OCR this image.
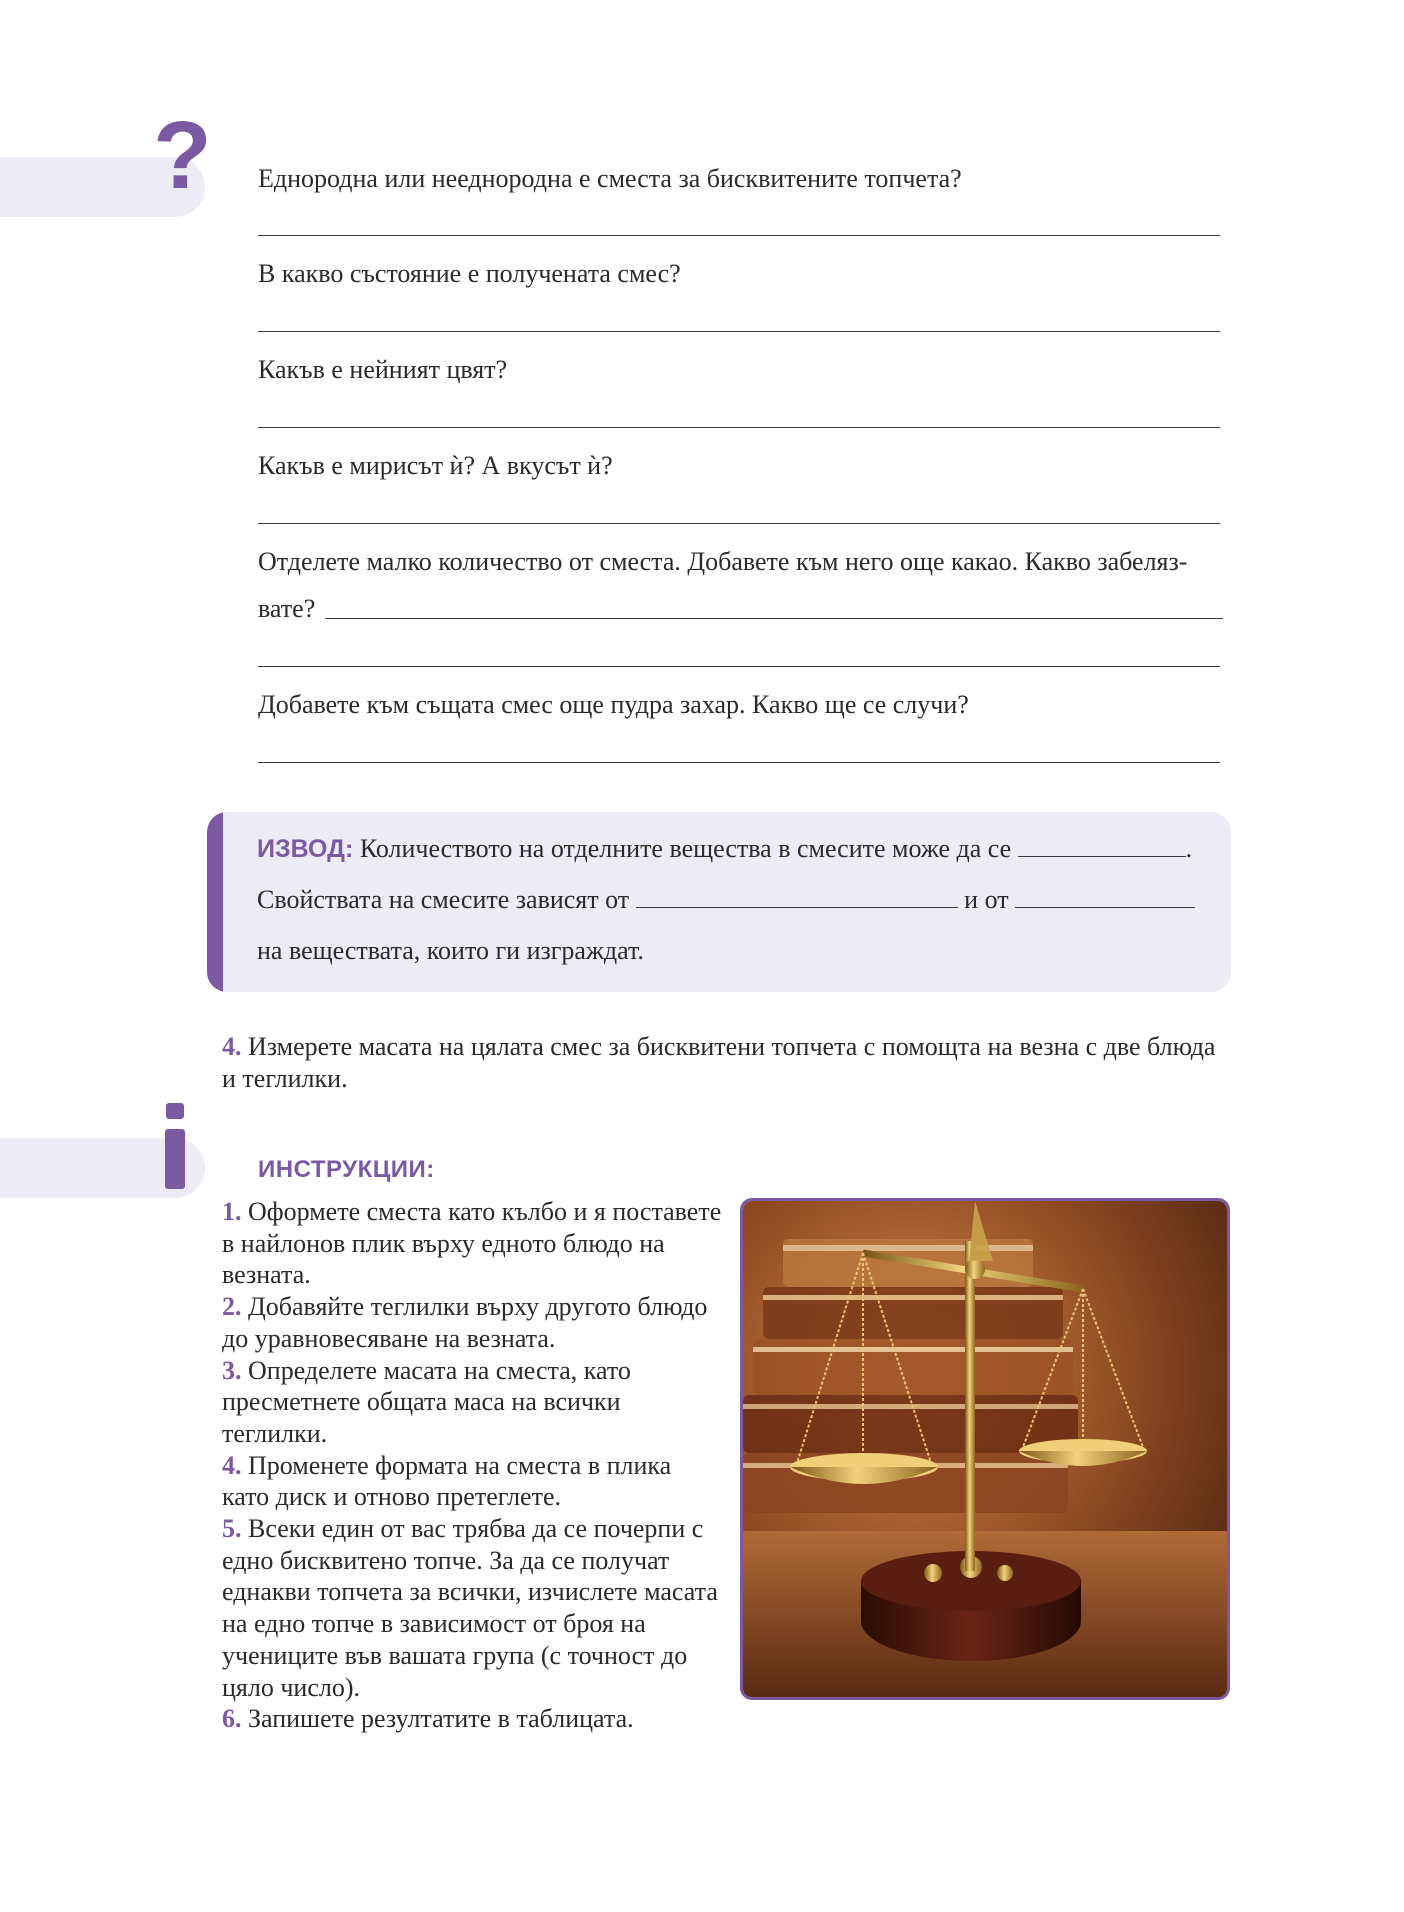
? Еднородна или нееднородна е сместа за бисквитените топчета?
В какво състояние е получената смес?
Какъв е нейният цвят?
Какъв е мирисът ѝ? А вкусът ѝ?
Отделете малко количество от сместа. Добавете към него още какао. Какво забеляз-
вате?
Добавете към същата смес още пудра захар. Какво ще се случи?
ИЗВОД: Количеството на отделните вещества в смесите може да се	.
Свойствата на смесите зависят от	и от
на веществата, които ги изграждат.
4. Измерете масата на цялата смес за бисквитени топчета с помощта на везна с две блюда и теглилки.
ИНСТРУКЦИИ:

1. Оформете сместа като кълбо и я поставете в найлонов плик върху едното блюдо на везната.

2. Добавяйте теглилки върху другото блюдо до уравновесяване на везната.

3. Определете масата на сместа, като пресметнете общата маса на всички теглилки.

4. Променете формата на сместа в плика като диск и отново претеглете.

5. Всеки един от вас трябва да се почерпи с едно бисквитено топче. За да се получат еднакви топчета за всички, изчислете масата на едно топче в зависимост от броя на учениците във вашата група (с точност до цяло число).

6. Запишете резултатите в таблицата.
